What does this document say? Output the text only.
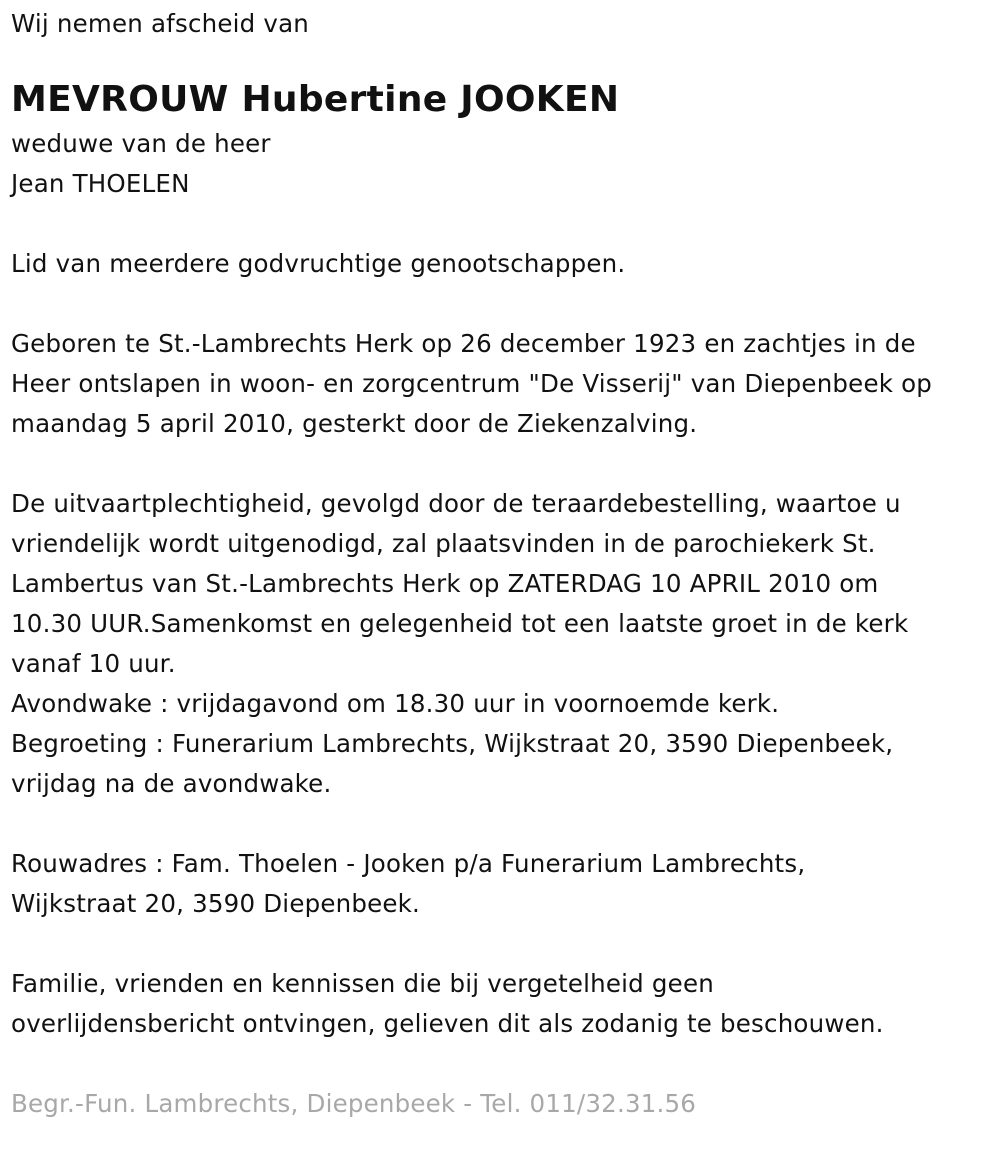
Wij nemen afscheid van
MEVROUW Hubertine JOOKEN
weduwe van de heer
Jean THOELEN
Lid van meerdere godvruchtige genootschappen.
Geboren te St.-Lambrechts Herk op 26 december 1923 en zachtjes in de
Heer ontslapen in woon- en zorgcentrum "De Visserij" van Diepenbeek op
maandag 5 april 2010, gesterkt door de Ziekenzalving.
De uitvaartplechtigheid, gevolgd door de teraardebestelling, waartoe u
vriendelijk wordt uitgenodigd, zal plaatsvinden in de parochiekerk St.
Lambertus van St.-Lambrechts Herk op ZATERDAG 10 APRIL 2010 om
10.30 UUR.Samenkomst en gelegenheid tot een laatste groet in de kerk
vanaf 10 uur.
Avondwake : vrijdagavond om 18.30 uur in voornoemde kerk.
Begroeting : Funerarium Lambrechts, Wijkstraat 20, 3590 Diepenbeek,
vrijdag na de avondwake.
Rouwadres : Fam. Thoelen - Jooken p/a Funerarium Lambrechts,
Wijkstraat 20, 3590 Diepenbeek.
Familie, vrienden en kennissen die bij vergetelheid geen
overlijdensbericht ontvingen, gelieven dit als zodanig te beschouwen.
Begr.-Fun. Lambrechts, Diepenbeek - Tel. 011/32.31.56
